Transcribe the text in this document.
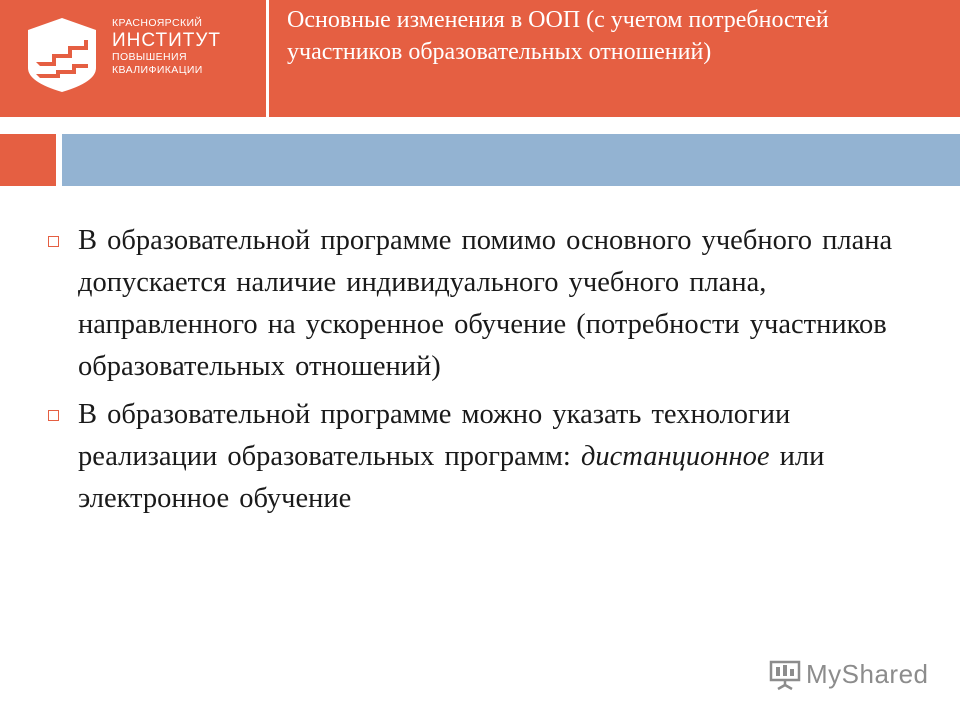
КРАСНОЯРСКИЙ
ИНСТИТУТ
ПОВЫШЕНИЯ
КВАЛИФИКАЦИИ
Основные изменения в ООП (с учетом потребностей участников образовательных отношений)
В образовательной программе помимо основного учебного плана допускается наличие индивидуального учебного плана, направленного на ускоренное обучение (потребности участников образовательных отношений)
В образовательной программе можно указать технологии реализации образовательных программ: дистанционное или электронное обучение
MyShared
